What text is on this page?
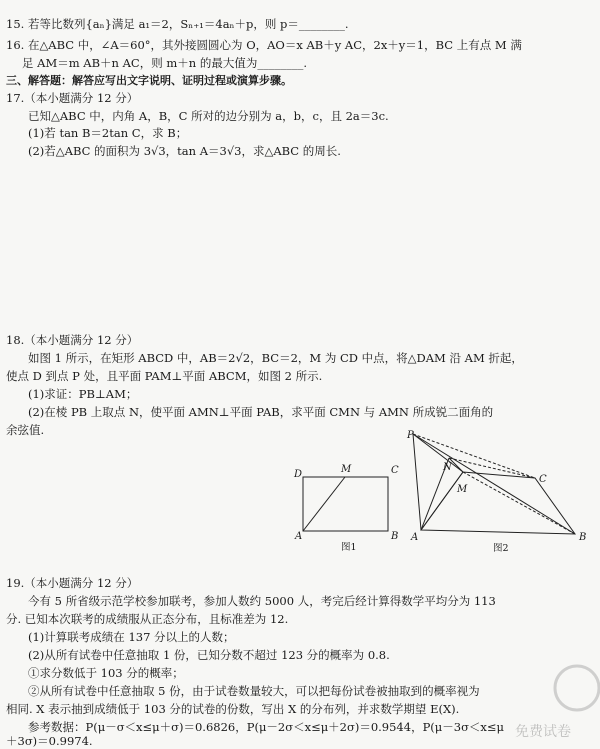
15. 若等比数列{aₙ}满足 a₁＝2，Sₙ₊₁＝4aₙ＋p，则 p＝________.
16. 在△ABC 中，∠A＝60°，其外接圆圆心为 O，AO＝x AB＋y AC，2x＋y＝1，BC 上有点 M 满
足 AM＝m AB＋n AC，则 m＋n 的最大值为________.
三、解答题：解答应写出文字说明、证明过程或演算步骤。
17.（本小题满分 12 分）
已知△ABC 中，内角 A，B，C 所对的边分别为 a，b，c，且 2a＝3c.
(1)若 tan B＝2tan C，求 B；
(2)若△ABC 的面积为 3√3，tan A＝3√3，求△ABC 的周长.
18.（本小题满分 12 分）
如图 1 所示，在矩形 ABCD 中，AB＝2√2，BC＝2，M 为 CD 中点，将△DAM 沿 AM 折起，
使点 D 到点 P 处，且平面 PAM⊥平面 ABCM，如图 2 所示.
(1)求证：PB⊥AM；
(2)在棱 PB 上取点 N，使平面 AMN⊥平面 PAB，求平面 CMN 与 AMN 所成锐二面角的
余弦值.
D	M	C
A	B
图1
P
N
M
C
A	B
图2
19.（本小题满分 12 分）
今有 5 所省级示范学校参加联考，参加人数约 5000 人，考完后经计算得数学平均分为 113
分. 已知本次联考的成绩服从正态分布，且标准差为 12.
(1)计算联考成绩在 137 分以上的人数；
(2)从所有试卷中任意抽取 1 份，已知分数不超过 123 分的概率为 0.8.
①求分数低于 103 分的概率；
②从所有试卷中任意抽取 5 份，由于试卷数量较大，可以把每份试卷被抽取到的概率视为
相同. X 表示抽到成绩低于 103 分的试卷的份数，写出 X 的分布列，并求数学期望 E(X).
参考数据：P(μ－σ＜x≤μ＋σ)＝0.6826，P(μ－2σ＜x≤μ＋2σ)＝0.9544，P(μ－3σ＜x≤μ
＋3σ)＝0.9974.
免费试卷
